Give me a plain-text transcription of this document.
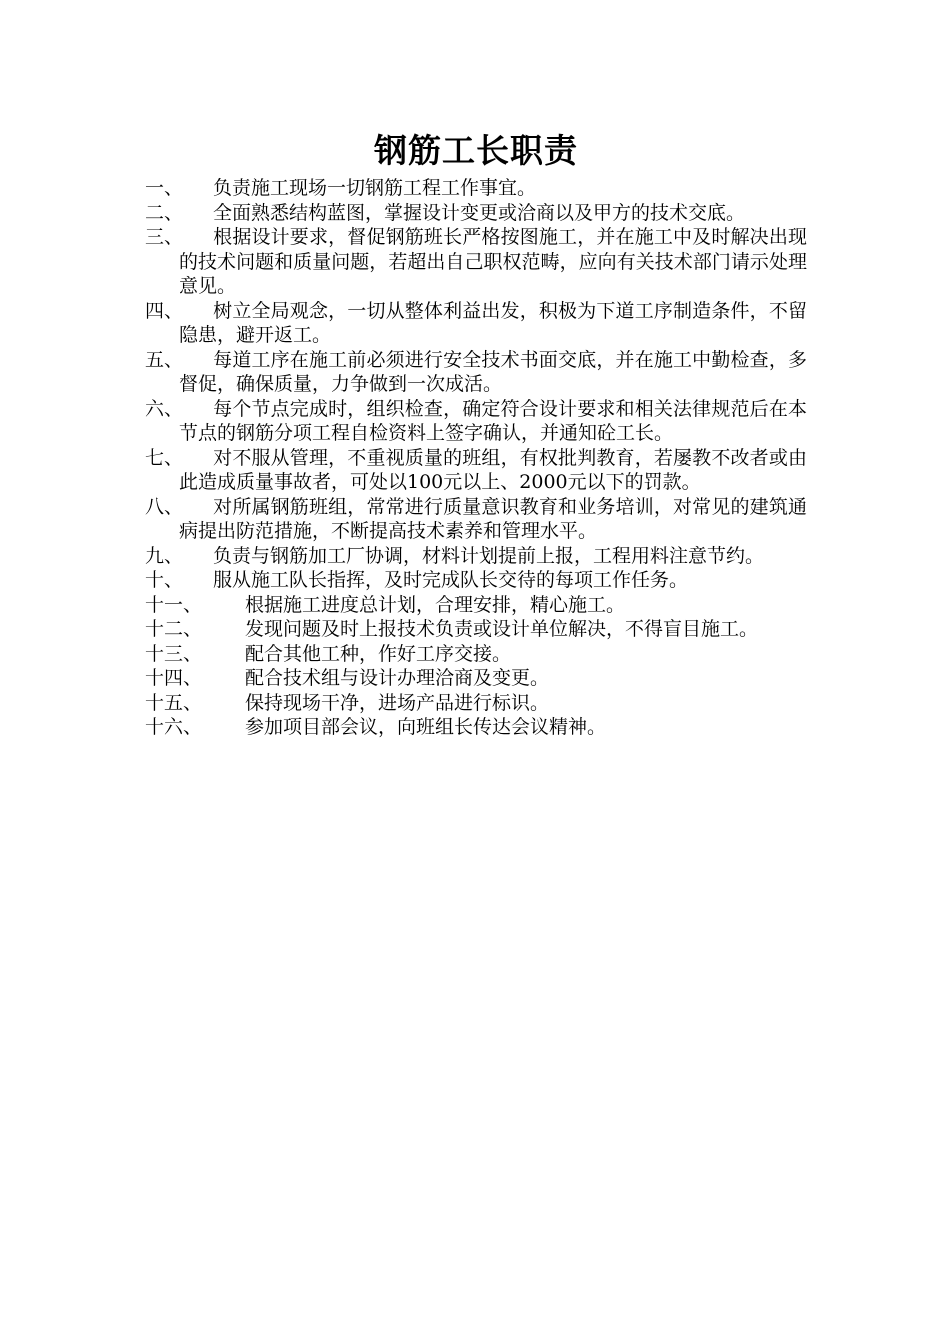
钢筋工长职责
一、 负责施工现场一切钢筋工程工作事宜。
二、 全面熟悉结构蓝图，掌握设计变更或洽商以及甲方的技术交底。
三、 根据设计要求，督促钢筋班长严格按图施工，并在施工中及时解决出现的技术问题和质量问题，若超出自己职权范畴，应向有关技术部门请示处理意见。
四、 树立全局观念，一切从整体利益出发，积极为下道工序制造条件，不留隐患，避开返工。
五、 每道工序在施工前必须进行安全技术书面交底，并在施工中勤检查，多督促，确保质量，力争做到一次成活。
六、 每个节点完成时，组织检查，确定符合设计要求和相关法律规范后在本节点的钢筋分项工程自检资料上签字确认，并通知砼工长。
七、 对不服从管理，不重视质量的班组，有权批判教育，若屡教不改者或由此造成质量事故者，可处以100元以上、2000元以下的罚款。
八、 对所属钢筋班组，常常进行质量意识教育和业务培训，对常见的建筑通病提出防范措施，不断提高技术素养和管理水平。
九、 负责与钢筋加工厂协调，材料计划提前上报，工程用料注意节约。
十、 服从施工队长指挥，及时完成队长交待的每项工作任务。
十一、 根据施工进度总计划，合理安排，精心施工。
十二、 发现问题及时上报技术负责或设计单位解决，不得盲目施工。
十三、 配合其他工种，作好工序交接。
十四、 配合技术组与设计办理洽商及变更。
十五、 保持现场干净，进场产品进行标识。
十六、 参加项目部会议，向班组长传达会议精神。
